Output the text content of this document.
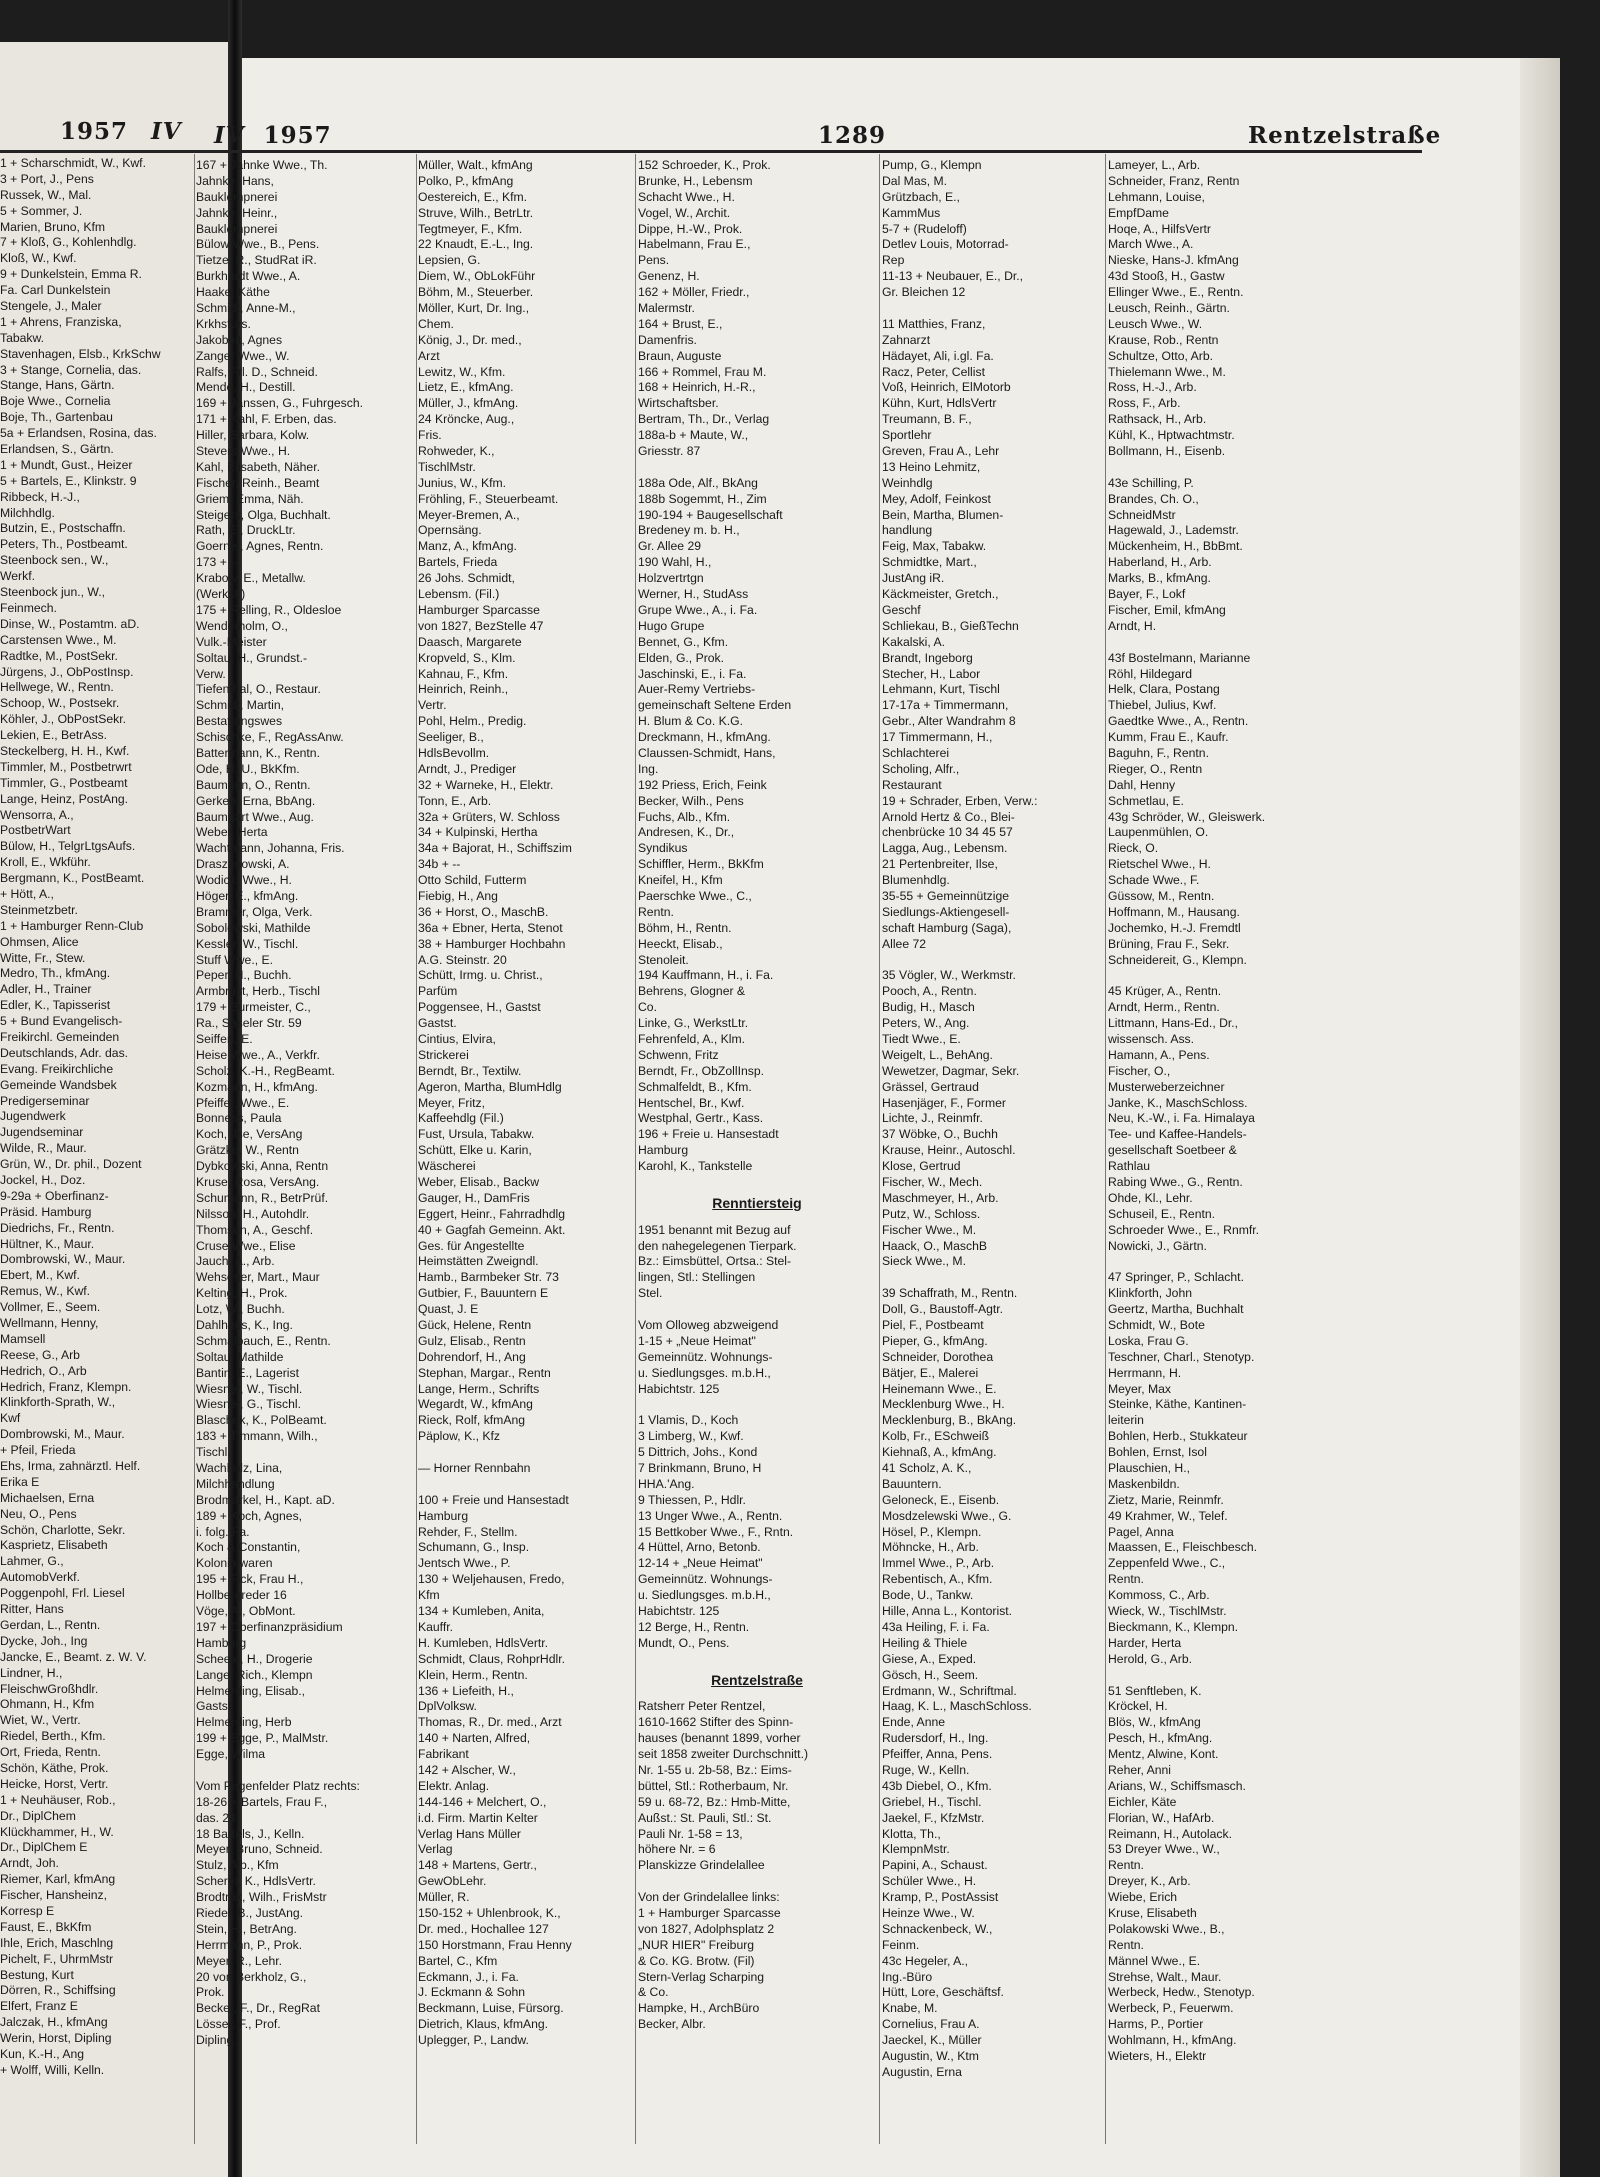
1957 IV
1 + Scharschmidt, W., Kwf.
3 + Port, J., Pens
Russek, W., Mal.
5 + Sommer, J.
Marien, Bruno, Kfm
7 + Kloß, G., Kohlenhdlg.
Kloß, W., Kwf.
9 + Dunkelstein, Emma R.
Fa. Carl Dunkelstein
Stengele, J., Maler
1 + Ahrens, Franziska,
Tabakw.
Stavenhagen, Elsb., KrkSchw
3 + Stange, Cornelia, das.
Stange, Hans, Gärtn.
Boje Wwe., Cornelia
Boje, Th., Gartenbau
5a + Erlandsen, Rosina, das.
Erlandsen, S., Gärtn.
1 + Mundt, Gust., Heizer
5 + Bartels, E., Klinkstr. 9
Ribbeck, H.-J.,
Milchhdlg.
Butzin, E., Postschaffn.
Peters, Th., Postbeamt.
Steenbock sen., W.,
Werkf.
Steenbock jun., W.,
Feinmech.
Dinse, W., Postamtm. aD.
Carstensen Wwe., M.
Radtke, M., PostSekr.
Jürgens, J., ObPostInsp.
Hellwege, W., Rentn.
Schoop, W., Postsekr.
Köhler, J., ObPostSekr.
Lekien, E., BetrAss.
Steckelberg, H. H., Kwf.
Timmler, M., Postbetrwrt
Timmler, G., Postbeamt
Lange, Heinz, PostAng.
Wensorra, A.,
PostbetrWart
Bülow, H., TelgrLtgsAufs.
Kroll, E., Wkführ.
Bergmann, K., PostBeamt.
+ Hött, A.,
Steinmetzbetr.
1 + Hamburger Renn-Club
Ohmsen, Alice
Witte, Fr., Stew.
Medro, Th., kfmAng.
Adler, H., Trainer
Edler, K., Tapisserist
5 + Bund Evangelisch-
Freikirchl. Gemeinden
Deutschlands, Adr. das.
Evang. Freikirchliche
Gemeinde Wandsbek
Predigerseminar
Jugendwerk
Jugendseminar
Wilde, R., Maur.
Grün, W., Dr. phil., Dozent
Jockel, H., Doz.
9-29a + Oberfinanz-
Präsid. Hamburg
Diedrichs, Fr., Rentn.
Hültner, K., Maur.
Dombrowski, W., Maur.
Ebert, M., Kwf.
Remus, W., Kwf.
Vollmer, E., Seem.
Wellmann, Henny,
Mamsell
Reese, G., Arb
Hedrich, O., Arb
Hedrich, Franz, Klempn.
Klinkforth-Sprath, W.,
Kwf
Dombrowski, M., Maur.
+ Pfeil, Frieda
Ehs, Irma, zahnärztl. Helf.
Erika E
Michaelsen, Erna
Neu, O., Pens
Schön, Charlotte, Sekr.
Kasprietz, Elisabeth
Lahmer, G.,
AutomobVerkf.
Poggenpohl, Frl. Liesel
Ritter, Hans
Gerdan, L., Rentn.
Dycke, Joh., Ing
Jancke, E., Beamt. z. W. V.
Lindner, H.,
FleischwGroßhdlr.
Ohmann, H., Kfm
Wiet, W., Vertr.
Riedel, Berth., Kfm.
Ort, Frieda, Rentn.
Schön, Käthe, Prok.
Heicke, Horst, Vertr.
1 + Neuhäuser, Rob.,
Dr., DiplChem
Klückhammer, H., W.
Dr., DiplChem E
Arndt, Joh.
Riemer, Karl, kfmAng
Fischer, Hansheinz,
Korresp E
Faust, E., BkKfm
Ihle, Erich, Maschlng
Pichelt, F., UhrmMstr
Bestung, Kurt
Dörren, R., Schiffsing
Elfert, Franz E
Jalczak, H., kfmAng
Werin, Horst, Dipling
Kun, K.-H., Ang
+ Wolff, Willi, Kelln.
IV 1957	1289	Rentzelstraße
167 + Jahnke Wwe., Th.
Jahnke, Hans,
Bauklempnerei
Jahnke, Heinr.,
Bauklempnerei
Bülow Wwe., B., Pens.
Tietze, R., StudRat iR.
Burkhardt Wwe., A.
Haake, Käthe
Schmidt, Anne-M.,
Krkhsfürs.
Jakobeit, Agnes
Zanger Wwe., W.
Ralfs, Frl. D., Schneid.
Mende, H., Destill.
169 + Janssen, G., Fuhrgesch.
171 + Kahl, F. Erben, das.
Hiller, Barbara, Kolw.
Stevers Wwe., H.
Kahl, Elisabeth, Näher.
Fischer, Reinh., Beamt
Griem, Emma, Näh.
Steigers, Olga, Buchhalt.
Rath, E., DruckLtr.
Goerner, Agnes, Rentn.
173 + --
Krabow, E., Metallw.
(Werkst.)
175 + Relling, R., Oldesloe
Wenderholm, O.,
Vulk.-Meister
Soltau, H., Grundst.-
Verw.
Tiefenthal, O., Restaur.
Schmidt, Martin,
Bestattungswes
Schischke, F., RegAssAnw.
Battermann, K., Rentn.
Ode, H. U., BkKfm.
Baumann, O., Rentn.
Gerken, Erna, BbAng.
Baumgart Wwe., Aug.
Weber, Herta
Wachtmann, Johanna, Fris.
Draszanowski, A.
Wodick, Wwe., H.
Höger, E., kfmAng.
Brammer, Olga, Verk.
Sobolewski, Mathilde
Kessler, W., Tischl.
Stuff Wwe., E.
Peper, H., Buchh.
Armbrust, Herb., Tischl
179 + Burmeister, C.,
Ra., Saseler Str. 59
Seiffert, E.
Heise Wwe., A., Verkfr.
Scholz, K.-H., RegBeamt.
Kozmann, H., kfmAng.
Pfeiffer, Wwe., E.
Bonness, Paula
Koch, Ilse, VersAng
Grätzke, W., Rentn
Dybkowski, Anna, Rentn
Kruse, Rosa, VersAng.
Schumann, R., BetrPrüf.
Nilsson, H., Autohdlr.
Thomsen, A., Geschf.
Cruse Wwe., Elise
Jauch, A., Arb.
Wehsener, Mart., Maur
Kelting, H., Prok.
Lotz, W., Buchh.
Dahlhaus, K., Ing.
Schmalbauch, E., Rentn.
Soltau, Mathilde
Bantin, E., Lagerist
Wiesner, W., Tischl.
Wiesner, G., Tischl.
Blaschek, K., PolBeamt.
183 + Timmann, Wilh.,
Tischl.
Wachholz, Lina,
Milchhandlung
Brodmärkel, H., Kapt. aD.
189 + Koch, Agnes,
i. folg. Fa.
Koch & Constantin,
Kolonialwaren
195 + Fick, Frau H.,
Hollbergreder 16
Vöge, A., ObMont.
197 + Oberfinanzpräsidium
Hamburg
Scheele, H., Drogerie
Lange, Rich., Klempn
Helmerding, Elisab.,
Gastst
Helmerding, Herb
199 + Egge, P., MalMstr.
Egge, Wilma
Vom Pagenfelder Platz rechts:
18-26 + Bartels, Frau F.,
das. 24
18 Bartels, J., Kelln.
Meyer, Bruno, Schneid.
Stulz, Alb., Kfm
Scherer, K., HdlsVertr.
Brodtrük, Wilh., FrisMstr
Riedel, B., JustAng.
Stein, H., BetrAng.
Herrmann, P., Prok.
Meyer, R., Lehr.
20 von Berkholz, G.,
Prok.
Becker, F., Dr., RegRat
Lösser, F., Prof.
Dipling.
Müller, Walt., kfmAng
Polko, P., kfmAng
Oestereich, E., Kfm.
Struve, Wilh., BetrLtr.
Tegtmeyer, F., Kfm.
22 Knaudt, E.-L., Ing.
Lepsien, G.
Diem, W., ObLokFühr
Böhm, M., Steuerber.
Möller, Kurt, Dr. Ing.,
Chem.
König, J., Dr. med.,
Arzt
Lewitz, W., Kfm.
Lietz, E., kfmAng.
Müller, J., kfmAng.
24 Kröncke, Aug.,
Fris.
Rohweder, K.,
TischlMstr.
Junius, W., Kfm.
Fröhling, F., Steuerbeamt.
Meyer-Bremen, A.,
Opernsäng.
Manz, A., kfmAng.
Bartels, Frieda
26 Johs. Schmidt,
Lebensm. (Fil.)
Hamburger Sparcasse
von 1827, BezStelle 47
Daasch, Margarete
Kropveld, S., Klm.
Kahnau, F., Kfm.
Heinrich, Reinh.,
Vertr.
Pohl, Helm., Predig.
Seeliger, B.,
HdlsBevollm.
Arndt, J., Prediger
32 + Warneke, H., Elektr.
Tonn, E., Arb.
32a + Grüters, W. Schloss
34 + Kulpinski, Hertha
34a + Bajorat, H., Schiffszim
34b + --
Otto Schild, Futterm
Fiebig, H., Ang
36 + Horst, O., MaschB.
36a + Ebner, Herta, Stenot
38 + Hamburger Hochbahn
A.G. Steinstr. 20
Schütt, Irmg. u. Christ.,
Parfüm
Poggensee, H., Gastst
Gastst.
Cintius, Elvira,
Strickerei
Berndt, Br., Textilw.
Ageron, Martha, BlumHdlg
Meyer, Fritz,
Kaffeehdlg (Fil.)
Fust, Ursula, Tabakw.
Schütt, Elke u. Karin,
Wäscherei
Weber, Elisab., Backw
Gauger, H., DamFris
Eggert, Heinr., Fahrradhdlg
40 + Gagfah Gemeinn. Akt.
Ges. für Angestellte
Heimstätten Zweigndl.
Hamb., Barmbeker Str. 73
Gutbier, F., Bauuntern E
Quast, J. E
Gück, Helene, Rentn
Gulz, Elisab., Rentn
Dohrendorf, H., Ang
Stephan, Margar., Rentn
Lange, Herm., Schrifts
Wegardt, W., kfmAng
Rieck, Rolf, kfmAng
Päplow, K., Kfz
— Horner Rennbahn
100 + Freie und Hansestadt
Hamburg
Rehder, F., Stellm.
Schumann, G., Insp.
Jentsch Wwe., P.
130 + Weljehausen, Fredo,
Kfm
134 + Kumleben, Anita,
Kauffr.
H. Kumleben, HdlsVertr.
Schmidt, Claus, RohprHdlr.
Klein, Herm., Rentn.
136 + Liefeith, H.,
DplVolksw.
Thomas, R., Dr. med., Arzt
140 + Narten, Alfred,
Fabrikant
142 + Alscher, W.,
Elektr. Anlag.
144-146 + Melchert, O.,
i.d. Firm. Martin Kelter
Verlag Hans Müller
Verlag
148 + Martens, Gertr.,
GewObLehr.
Müller, R.
150-152 + Uhlenbrook, K.,
Dr. med., Hochallee 127
150 Horstmann, Frau Henny
Bartel, C., Kfm
Eckmann, J., i. Fa.
J. Eckmann & Sohn
Beckmann, Luise, Fürsorg.
Dietrich, Klaus, kfmAng.
Uplegger, P., Landw.
152 Schroeder, K., Prok.
Brunke, H., Lebensm
Schacht Wwe., H.
Vogel, W., Archit.
Dippe, H.-W., Prok.
Habelmann, Frau E.,
Pens.
Genenz, H.
162 + Möller, Friedr.,
Malermstr.
164 + Brust, E.,
Damenfris.
Braun, Auguste
166 + Rommel, Frau M.
168 + Heinrich, H.-R.,
Wirtschaftsber.
Bertram, Th., Dr., Verlag
188a-b + Maute, W.,
Griesstr. 87
188a Ode, Alf., BkAng
188b Sogemmt, H., Zim
190-194 + Baugesellschaft
Bredeney m. b. H.,
Gr. Allee 29
190 Wahl, H.,
Holzvertrtgn
Werner, H., StudAss
Grupe Wwe., A., i. Fa.
Hugo Grupe
Bennet, G., Kfm.
Elden, G., Prok.
Jaschinski, E., i. Fa.
Auer-Remy Vertriebs-
gemeinschaft Seltene Erden
H. Blum & Co. K.G.
Dreckmann, H., kfmAng.
Claussen-Schmidt, Hans,
Ing.
192 Priess, Erich, Feink
Becker, Wilh., Pens
Fuchs, Alb., Kfm.
Andresen, K., Dr.,
Syndikus
Schiffler, Herm., BkKfm
Kneifel, H., Kfm
Paerschke Wwe., C.,
Rentn.
Böhm, H., Rentn.
Heeckt, Elisab.,
Stenoleit.
194 Kauffmann, H., i. Fa.
Behrens, Glogner &
Co.
Linke, G., WerkstLtr.
Fehrenfeld, A., Klm.
Schwenn, Fritz
Berndt, Fr., ObZollInsp.
Schmalfeldt, B., Kfm.
Hentschel, Br., Kwf.
Westphal, Gertr., Kass.
196 + Freie u. Hansestadt
Hamburg
Karohl, K., Tankstelle
Renntiersteig
1951 benannt mit Bezug auf
den nahegelegenen Tierpark.
Bz.: Eimsbüttel, Ortsa.: Stel-
lingen, Stl.: Stellingen
Stel.
Vom Olloweg abzweigend
1-15 + „Neue Heimat"
Gemeinnütz. Wohnungs-
u. Siedlungsges. m.b.H.,
Habichtstr. 125
1 Vlamis, D., Koch
3 Limberg, W., Kwf.
5 Dittrich, Johs., Kond
7 Brinkmann, Bruno, H
HHA.'Ang.
9 Thiessen, P., Hdlr.
13 Unger Wwe., A., Rentn.
15 Bettkober Wwe., F., Rntn.
4 Hüttel, Arno, Betonb.
12-14 + „Neue Heimat"
Gemeinnütz. Wohnungs-
u. Siedlungsges. m.b.H.,
Habichtstr. 125
12 Berge, H., Rentn.
Mundt, O., Pens.
Rentzelstraße
Ratsherr Peter Rentzel,
1610-1662 Stifter des Spinn-
hauses (benannt 1899, vorher
seit 1858 zweiter Durchschnitt.)
Nr. 1-55 u. 2b-58, Bz.: Eims-
büttel, Stl.: Rotherbaum, Nr.
59 u. 68-72, Bz.: Hmb-Mitte,
Außst.: St. Pauli, Stl.: St.
Pauli Nr. 1-58 = 13,
höhere Nr. = 6
Planskizze Grindelallee
Von der Grindelallee links:
1 + Hamburger Sparcasse
von 1827, Adolphsplatz 2
„NUR HIER" Freiburg
& Co. KG. Brotw. (Fil)
Stern-Verlag Scharping
& Co.
Hampke, H., ArchBüro
Becker, Albr.
Pump, G., Klempn
Dal Mas, M.
Grützbach, E.,
KammMus
5-7 + (Rudeloff)
Detlev Louis, Motorrad-
Rep
11-13 + Neubauer, E., Dr.,
Gr. Bleichen 12
11 Matthies, Franz,
Zahnarzt
Hädayet, Ali, i.gl. Fa.
Racz, Peter, Cellist
Voß, Heinrich, ElMotorb
Kühn, Kurt, HdlsVertr
Treumann, B. F.,
Sportlehr
Greven, Frau A., Lehr
13 Heino Lehmitz,
Weinhdlg
Mey, Adolf, Feinkost
Bein, Martha, Blumen-
handlung
Feig, Max, Tabakw.
Schmidtke, Mart.,
JustAng iR.
Käckmeister, Gretch.,
Geschf
Schliekau, B., GießTechn
Kakalski, A.
Brandt, Ingeborg
Stecher, H., Labor
Lehmann, Kurt, Tischl
17-17a + Timmermann,
Gebr., Alter Wandrahm 8
17 Timmermann, H.,
Schlachterei
Scholing, Alfr.,
Restaurant
19 + Schrader, Erben, Verw.:
Arnold Hertz & Co., Blei-
chenbrücke 10 34 45 57
Lagga, Aug., Lebensm.
21 Pertenbreiter, Ilse,
Blumenhdlg.
35-55 + Gemeinnützige
Siedlungs-Aktiengesell-
schaft Hamburg (Saga),
Allee 72
35 Vögler, W., Werkmstr.
Pooch, A., Rentn.
Budig, H., Masch
Peters, W., Ang.
Tiedt Wwe., E.
Weigelt, L., BehAng.
Wewetzer, Dagmar, Sekr.
Grässel, Gertraud
Hasenjäger, F., Former
Lichte, J., Reinmfr.
37 Wöbke, O., Buchh
Krause, Heinr., Autoschl.
Klose, Gertrud
Fischer, W., Mech.
Maschmeyer, H., Arb.
Putz, W., Schloss.
Fischer Wwe., M.
Haack, O., MaschB
Sieck Wwe., M.
39 Schaffrath, M., Rentn.
Doll, G., Baustoff-Agtr.
Piel, F., Postbeamt
Pieper, G., kfmAng.
Schneider, Dorothea
Bätjer, E., Malerei
Heinemann Wwe., E.
Mecklenburg Wwe., H.
Mecklenburg, B., BkAng.
Kolb, Fr., ESchweiß
Kiehnaß, A., kfmAng.
41 Scholz, A. K.,
Bauuntern.
Geloneck, E., Eisenb.
Mosdzelewski Wwe., G.
Hösel, P., Klempn.
Möhncke, H., Arb.
Immel Wwe., P., Arb.
Rebentisch, A., Kfm.
Bode, U., Tankw.
Hille, Anna L., Kontorist.
43a Heiling, F. i. Fa.
Heiling & Thiele
Giese, A., Exped.
Gösch, H., Seem.
Erdmann, W., Schriftmal.
Haag, K. L., MaschSchloss.
Ende, Anne
Rudersdorf, H., Ing.
Pfeiffer, Anna, Pens.
Ruge, W., Kelln.
43b Diebel, O., Kfm.
Griebel, H., Tischl.
Jaekel, F., KfzMstr.
Klotta, Th.,
KlempnMstr.
Papini, A., Schaust.
Schüler Wwe., H.
Kramp, P., PostAssist
Heinze Wwe., W.
Schnackenbeck, W.,
Feinm.
43c Hegeler, A.,
Ing.-Büro
Hütt, Lore, Geschäftsf.
Knabe, M.
Cornelius, Frau A.
Jaeckel, K., Müller
Augustin, W., Ktm
Augustin, Erna
Lameyer, L., Arb.
Schneider, Franz, Rentn
Lehmann, Louise,
EmpfDame
Hoqe, A., HilfsVertr
March Wwe., A.
Nieske, Hans-J. kfmAng
43d Stooß, H., Gastw
Ellinger Wwe., E., Rentn.
Leusch, Reinh., Gärtn.
Leusch Wwe., W.
Krause, Rob., Rentn
Schultze, Otto, Arb.
Thielemann Wwe., M.
Ross, H.-J., Arb.
Ross, F., Arb.
Rathsack, H., Arb.
Kühl, K., Hptwachtmstr.
Bollmann, H., Eisenb.
43e Schilling, P.
Brandes, Ch. O.,
SchneidMstr
Hagewald, J., Lademstr.
Mückenheim, H., BbBmt.
Haberland, H., Arb.
Marks, B., kfmAng.
Bayer, F., Lokf
Fischer, Emil, kfmAng
Arndt, H.
43f Bostelmann, Marianne
Röhl, Hildegard
Helk, Clara, Postang
Thiebel, Julius, Kwf.
Gaedtke Wwe., A., Rentn.
Kumm, Frau E., Kaufr.
Baguhn, F., Rentn.
Rieger, O., Rentn
Dahl, Henny
Schmetlau, E.
43g Schröder, W., Gleiswerk.
Laupenmühlen, O.
Rieck, O.
Rietschel Wwe., H.
Schade Wwe., F.
Güssow, M., Rentn.
Hoffmann, M., Hausang.
Jochemko, H.-J. Fremdtl
Brüning, Frau F., Sekr.
Schneidereit, G., Klempn.
45 Krüger, A., Rentn.
Arndt, Herm., Rentn.
Littmann, Hans-Ed., Dr.,
wissensch. Ass.
Hamann, A., Pens.
Fischer, O.,
Musterweberzeichner
Janke, K., MaschSchloss.
Neu, K.-W., i. Fa. Himalaya
Tee- und Kaffee-Handels-
gesellschaft Soetbeer &
Rathlau
Rabing Wwe., G., Rentn.
Ohde, Kl., Lehr.
Schuseil, E., Rentn.
Schroeder Wwe., E., Rnmfr.
Nowicki, J., Gärtn.
47 Springer, P., Schlacht.
Klinkforth, John
Geertz, Martha, Buchhalt
Schmidt, W., Bote
Loska, Frau G.
Teschner, Charl., Stenotyp.
Herrmann, H.
Meyer, Max
Steinke, Käthe, Kantinen-
leiterin
Bohlen, Herb., Stukkateur
Bohlen, Ernst, Isol
Plauschien, H.,
Maskenbildn.
Zietz, Marie, Reinmfr.
49 Krahmer, W., Telef.
Pagel, Anna
Maassen, E., Fleischbesch.
Zeppenfeld Wwe., C.,
Rentn.
Kommoss, C., Arb.
Wieck, W., TischlMstr.
Bieckmann, K., Klempn.
Harder, Herta
Herold, G., Arb.
51 Senftleben, K.
Kröckel, H.
Blös, W., kfmAng
Pesch, H., kfmAng.
Mentz, Alwine, Kont.
Reher, Anni
Arians, W., Schiffsmasch.
Eichler, Käte
Florian, W., HafArb.
Reimann, H., Autolack.
53 Dreyer Wwe., W.,
Rentn.
Dreyer, K., Arb.
Wiebe, Erich
Kruse, Elisabeth
Polakowski Wwe., B.,
Rentn.
Männel Wwe., E.
Strehse, Walt., Maur.
Werbeck, Hedw., Stenotyp.
Werbeck, P., Feuerwm.
Harms, P., Portier
Wohlmann, H., kfmAng.
Wieters, H., Elektr
